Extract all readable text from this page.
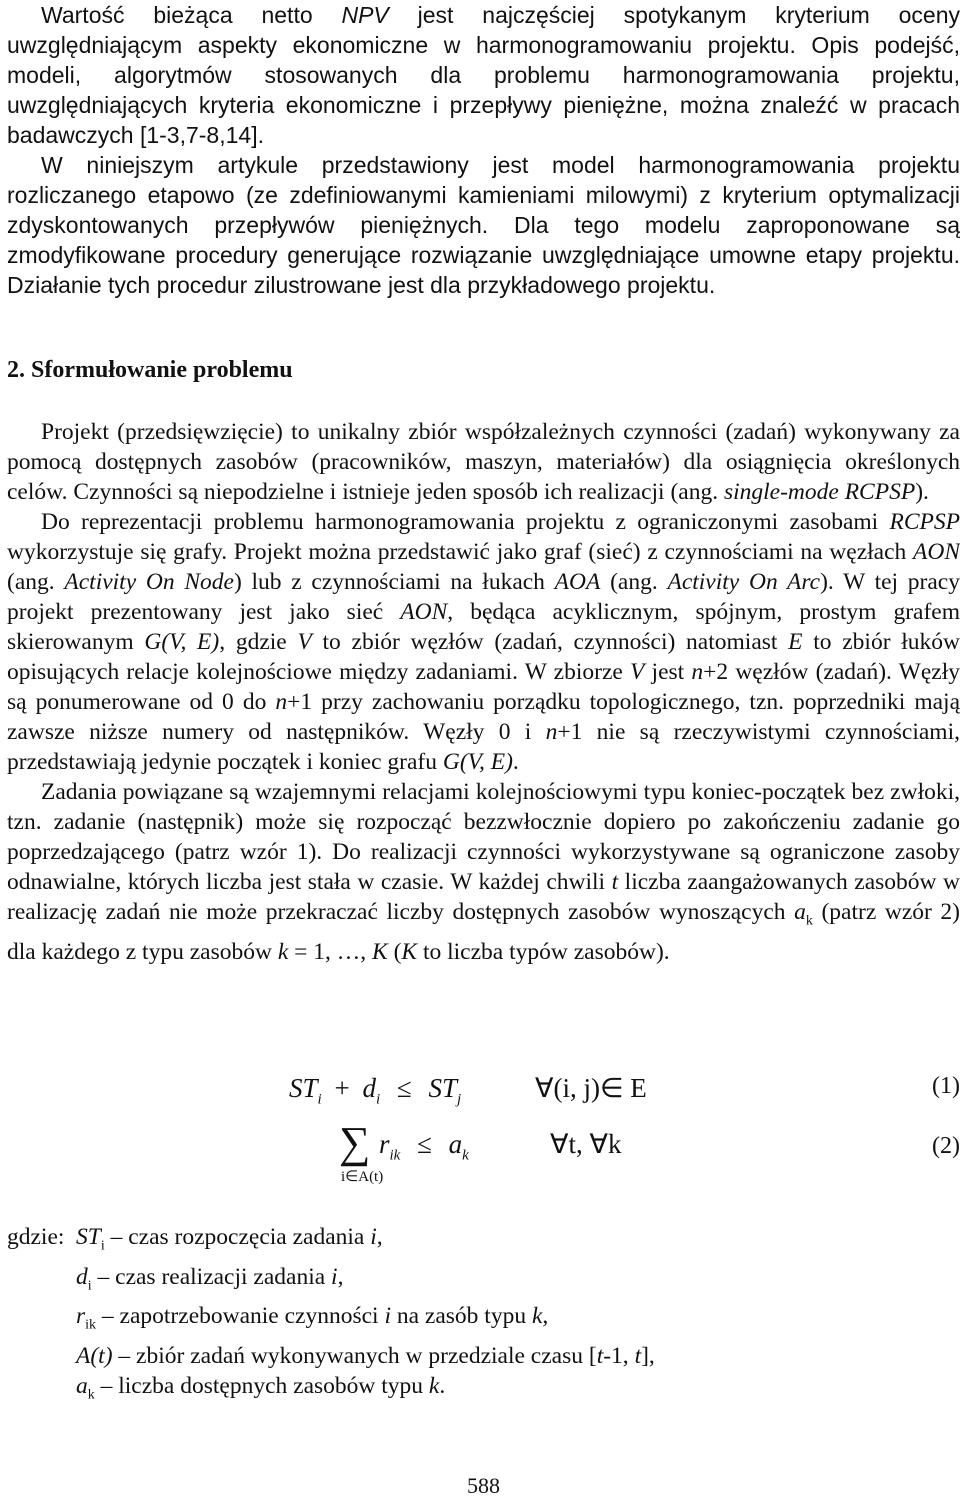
Wartość bieżąca netto NPV jest najczęściej spotykanym kryterium oceny uwzględniającym aspekty ekonomiczne w harmonogramowaniu projektu. Opis podejść, modeli, algorytmów stosowanych dla problemu harmonogramowania projektu, uwzględniających kryteria ekonomiczne i przepływy pieniężne, można znaleźć w pracach badawczych [1-3,7-8,14].

W niniejszym artykule przedstawiony jest model harmonogramowania projektu rozliczanego etapowo (ze zdefiniowanymi kamieniami milowymi) z kryterium optymalizacji zdyskontowanych przepływów pieniężnych. Dla tego modelu zaproponowane są zmodyfikowane procedury generujące rozwiązanie uwzględniające umowne etapy projektu. Działanie tych procedur zilustrowane jest dla przykładowego projektu.

2. Sformułowanie problemu

Projekt (przedsięwzięcie) to unikalny zbiór współzależnych czynności (zadań) wykonywany za pomocą dostępnych zasobów (pracowników, maszyn, materiałów) dla osiągnięcia określonych celów. Czynności są niepodzielne i istnieje jeden sposób ich realizacji (ang. single-mode RCPSP).

Do reprezentacji problemu harmonogramowania projektu z ograniczonymi zasobami RCPSP wykorzystuje się grafy. Projekt można przedstawić jako graf (sieć) z czynnościami na węzłach AON (ang. Activity On Node) lub z czynnościami na łukach AOA (ang. Activity On Arc). W tej pracy projekt prezentowany jest jako sieć AON, będąca acyklicznym, spójnym, prostym grafem skierowanym G(V, E), gdzie V to zbiór węzłów (zadań, czynności) natomiast E to zbiór łuków opisujących relacje kolejnościowe między zadaniami. W zbiorze V jest n+2 węzłów (zadań). Węzły są ponumerowane od 0 do n+1 przy zachowaniu porządku topologicznego, tzn. poprzedniki mają zawsze niższe numery od następników. Węzły 0 i n+1 nie są rzeczywistymi czynnościami, przedstawiają jedynie początek i koniec grafu G(V, E).

Zadania powiązane są wzajemnymi relacjami kolejnościowymi typu koniec-początek bez zwłoki, tzn. zadanie (następnik) może się rozpocząć bezzwłocznie dopiero po zakończeniu zadanie go poprzedzającego (patrz wzór 1). Do realizacji czynności wykorzystywane są ograniczone zasoby odnawialne, których liczba jest stała w czasie. W każdej chwili t liczba zaangażowanych zasobów w realizację zadań nie może przekraczać liczby dostępnych zasobów wynoszących $a_k$ (patrz wzór 2) dla każdego z typu zasobów k = 1, …, K (K to liczba typów zasobów).

$ST_i + d_i \le ST_j$	∀(i, j)∈ E	(1)
∑
i∈A(t)
$r_{ik} \le a_k$	∀t, ∀k	(2)
gdzie: $ST_i$ – czas rozpoczęcia zadania i,
$d_i$ – czas realizacji zadania i,
$r_{ik}$ – zapotrzebowanie czynności i na zasób typu k,
A(t) – zbiór zadań wykonywanych w przedziale czasu [t-1, t],
$a_k$ – liczba dostępnych zasobów typu k.
588
